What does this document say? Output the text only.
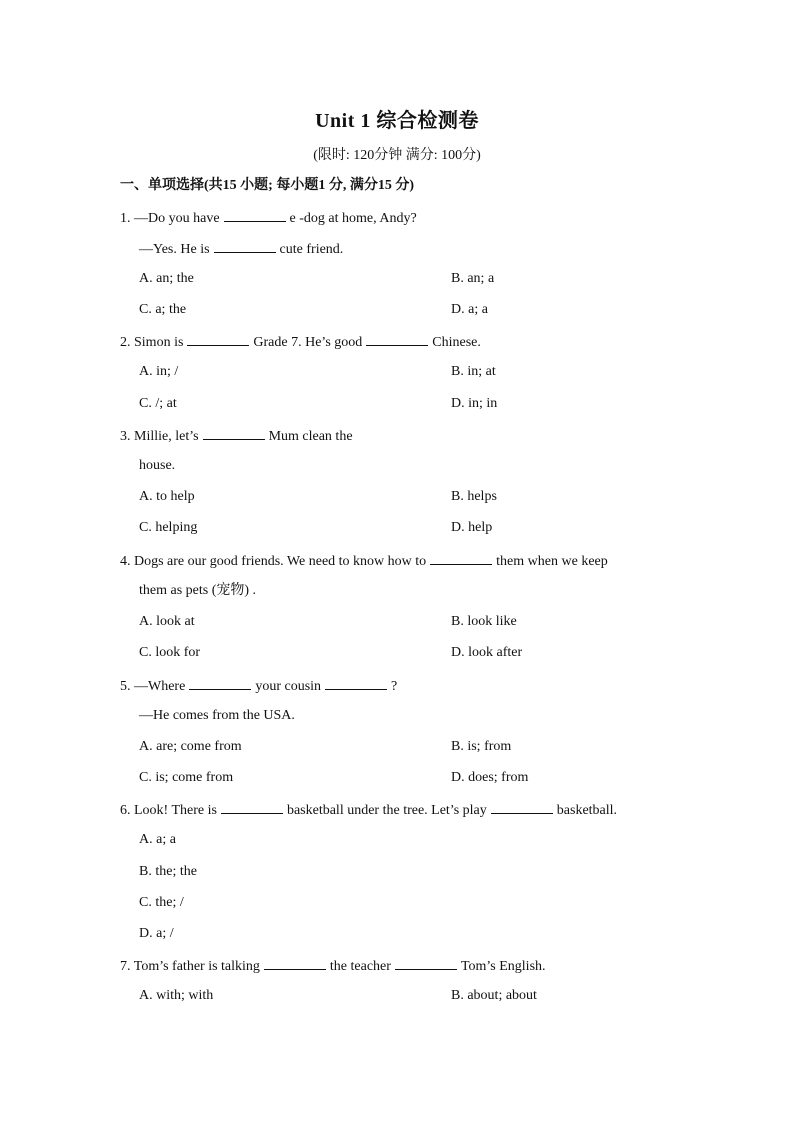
Unit 1 综合检测卷
(限时: 120分钟 满分: 100分)
一、单项选择(共15 小题; 每小题1 分, 满分15 分)
1. —Do you have	e -dog at home, Andy?
—Yes. He is	cute friend.
A. an; the	B. an; a
C. a; the	D. a; a
2. Simon is	Grade 7. He’s good	Chinese.
A. in; /	B. in; at
C. /; at	D. in; in
3. Millie, let’s	Mum clean the
house.
A. to help	B. helps
C. helping	D. help
4. Dogs are our good friends. We need to know how to	them when we keep
them as pets (宠物) .
A. look at	B. look like
C. look for	D. look after
5. —Where	your cousin	?
—He comes from the USA.
A. are; come from	B. is; from
C. is; come from	D. does; from
6. Look! There is	basketball under the tree. Let’s play	basketball.
A. a; a
B. the; the
C. the; /
D. a; /
7. Tom’s father is talking	the teacher	Tom’s English.
A. with; with	B. about; about
